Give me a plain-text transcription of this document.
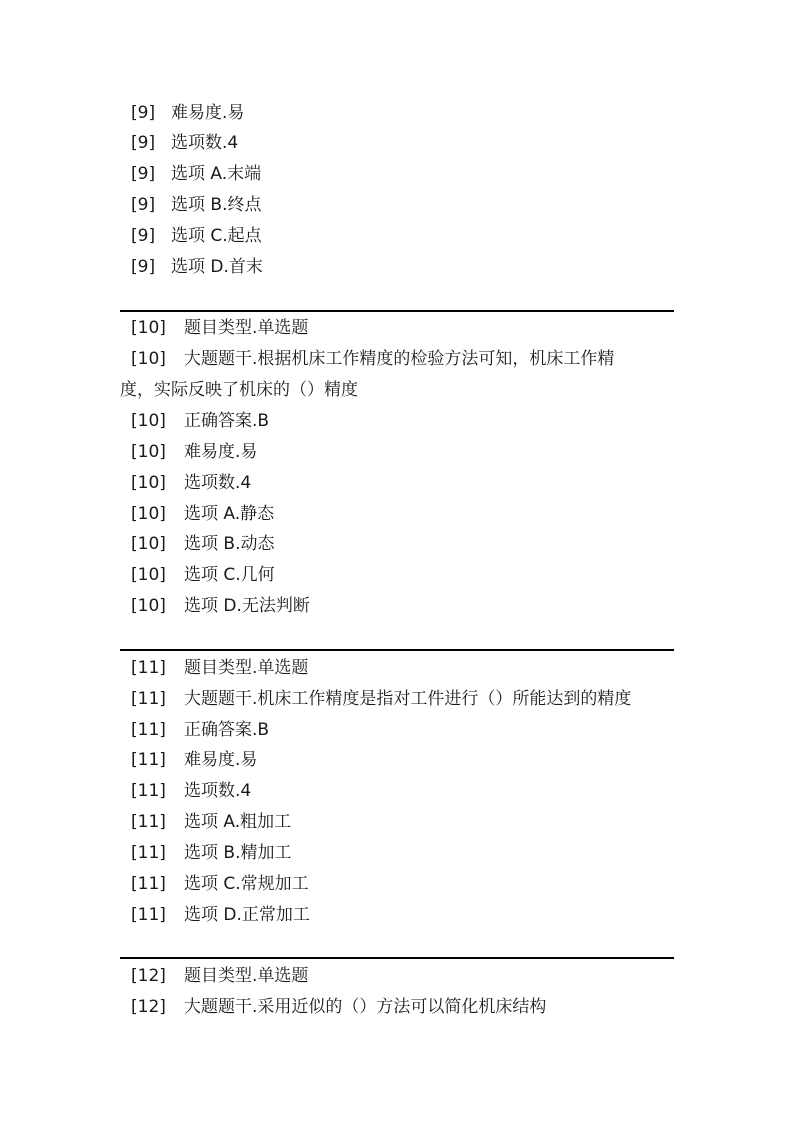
[9] 难易度.易
[9] 选项数.4
[9] 选项 A.末端
[9] 选项 B.终点
[9] 选项 C.起点
[9] 选项 D.首末
[10] 题目类型.单选题
[10] 大题题干.根据机床工作精度的检验方法可知，机床工作精
度，实际反映了机床的（）精度
[10] 正确答案.B
[10] 难易度.易
[10] 选项数.4
[10] 选项 A.静态
[10] 选项 B.动态
[10] 选项 C.几何
[10] 选项 D.无法判断
[11] 题目类型.单选题
[11] 大题题干.机床工作精度是指对工件进行（）所能达到的精度
[11] 正确答案.B
[11] 难易度.易
[11] 选项数.4
[11] 选项 A.粗加工
[11] 选项 B.精加工
[11] 选项 C.常规加工
[11] 选项 D.正常加工
[12] 题目类型.单选题
[12] 大题题干.采用近似的（）方法可以简化机床结构
